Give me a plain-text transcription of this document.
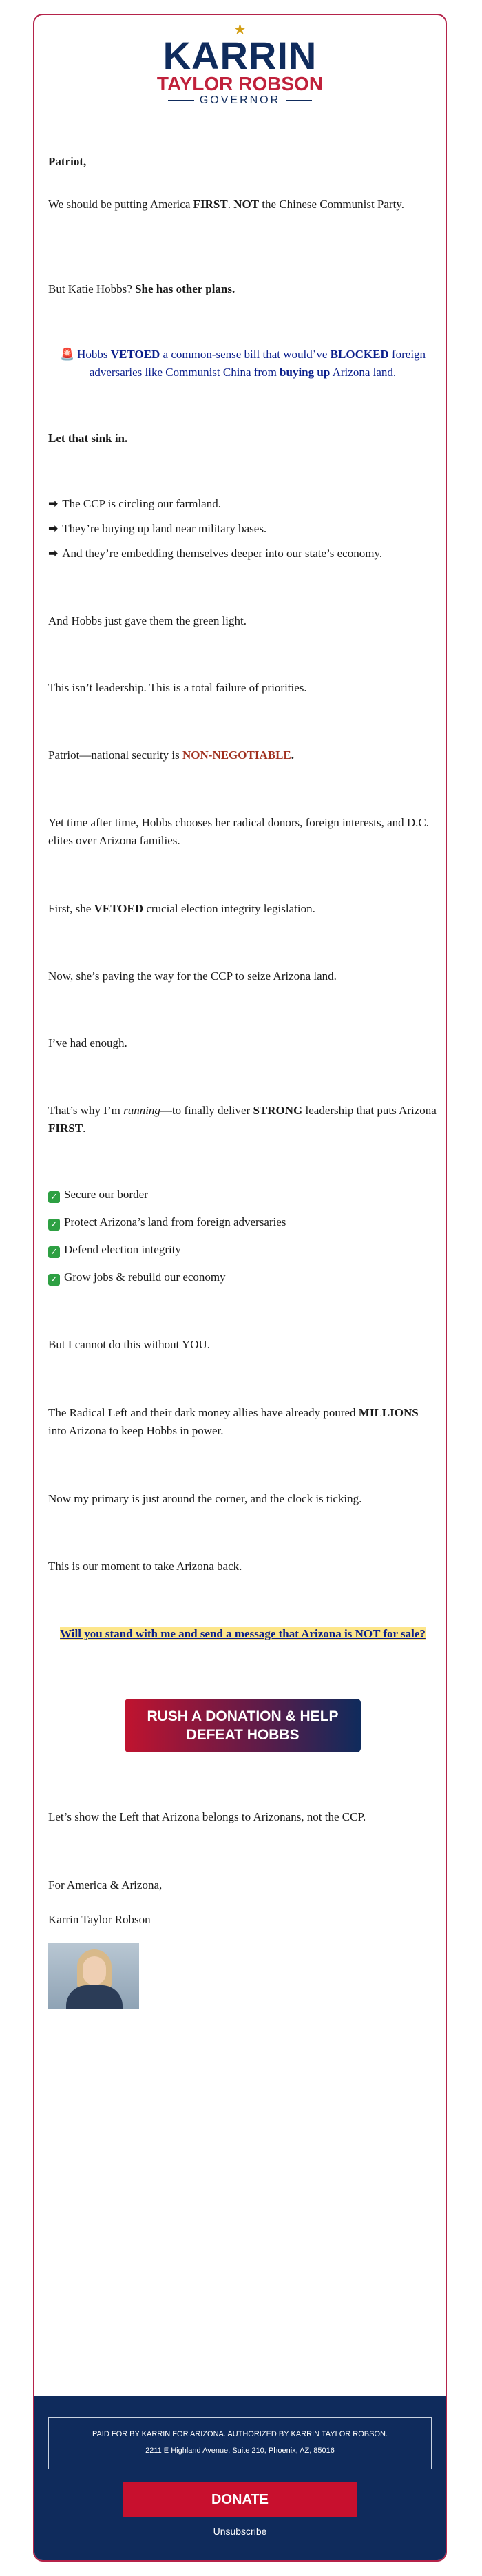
★
KARRIN
TAYLOR ROBSON
GOVERNOR

Patriot,

We should be putting America FIRST. NOT the Chinese Communist Party.

But Katie Hobbs? She has other plans.

🚨 Hobbs VETOED a common-sense bill that would’ve BLOCKED foreign adversaries like Communist China from buying up Arizona land.

Let that sink in.

➡ The CCP is circling our farmland.

➡ They’re buying up land near military bases.

➡ And they’re embedding themselves deeper into our state’s economy.

And Hobbs just gave them the green light.

This isn’t leadership. This is a total failure of priorities.

Patriot—national security is NON-NEGOTIABLE.

Yet time after time, Hobbs chooses her radical donors, foreign interests, and D.C. elites over Arizona families.

First, she VETOED crucial election integrity legislation.

Now, she’s paving the way for the CCP to seize Arizona land.

I’ve had enough.

That’s why I’m running—to finally deliver STRONG leadership that puts Arizona FIRST.

✓ Secure our border

✓ Protect Arizona’s land from foreign adversaries

✓ Defend election integrity

✓ Grow jobs & rebuild our economy

But I cannot do this without YOU.

The Radical Left and their dark money allies have already poured MILLIONS into Arizona to keep Hobbs in power.

Now my primary is just around the corner, and the clock is ticking.

This is our moment to take Arizona back.

Will you stand with me and send a message that Arizona is NOT for sale?

RUSH A DONATION & HELP DEFEAT HOBBS

Let’s show the Left that Arizona belongs to Arizonans, not the CCP.

For America & Arizona,

Karrin Taylor Robson

PAID FOR BY KARRIN FOR ARIZONA. AUTHORIZED BY KARRIN TAYLOR ROBSON.
2211 E Highland Avenue, Suite 210, Phoenix, AZ, 85016
DONATE
Unsubscribe
